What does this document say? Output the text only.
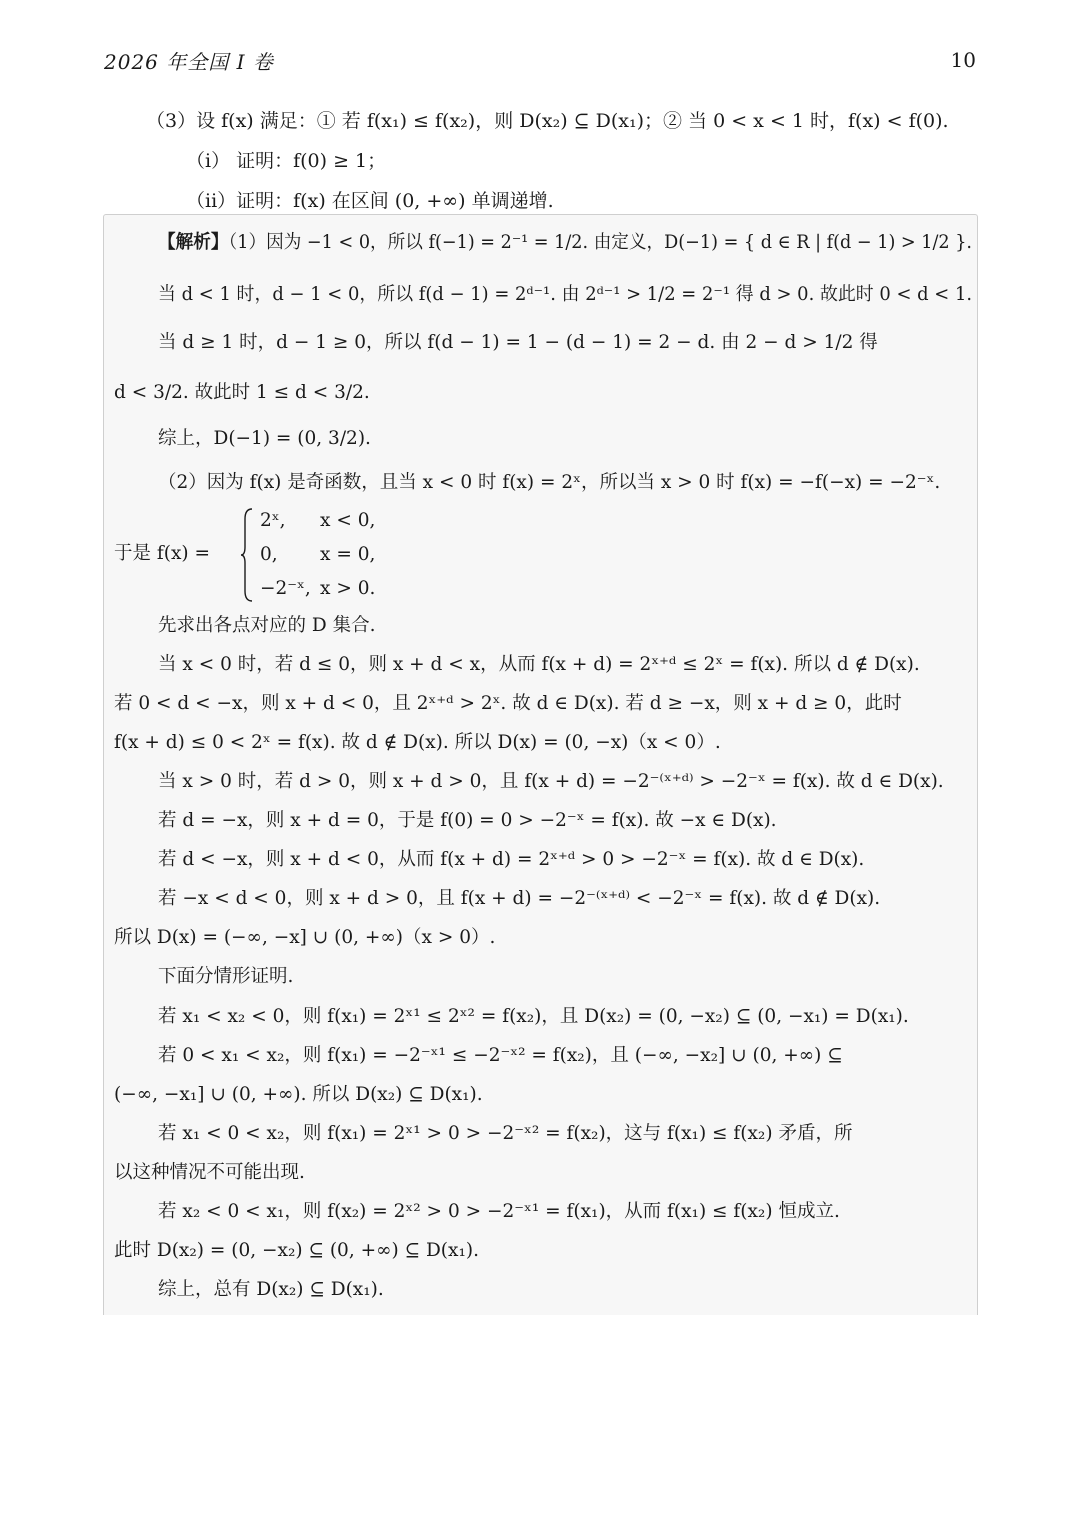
2026 年全国 I 卷	10
（3）设 f(x) 满足：① 若 f(x₁) ≤ f(x₂)，则 D(x₂) ⊆ D(x₁)；② 当 0 < x < 1 时，f(x) < f(0).
（i） 证明：f(0) ≥ 1；
（ii）证明：f(x) 在区间 (0, +∞) 单调递增.
【解析】（1）因为 −1 < 0，所以 f(−1) = 2⁻¹ = 1/2. 由定义，D(−1) = { d ∈ R | f(d − 1) > 1/2 }.
当 d < 1 时，d − 1 < 0，所以 f(d − 1) = 2ᵈ⁻¹. 由 2ᵈ⁻¹ > 1/2 = 2⁻¹ 得 d > 0. 故此时 0 < d < 1.
当 d ≥ 1 时，d − 1 ≥ 0，所以 f(d − 1) = 1 − (d − 1) = 2 − d. 由 2 − d > 1/2 得
d < 3/2. 故此时 1 ≤ d < 3/2.
综上，D(−1) = (0, 3/2).
（2）因为 f(x) 是奇函数，且当 x < 0 时 f(x) = 2ˣ，所以当 x > 0 时 f(x) = −f(−x) = −2⁻ˣ.
于是 f(x) =
2ˣ, x < 0,
0, x = 0,
−2⁻ˣ, x > 0.
先求出各点对应的 D 集合.
当 x < 0 时，若 d ≤ 0，则 x + d < x，从而 f(x + d) = 2ˣ⁺ᵈ ≤ 2ˣ = f(x). 所以 d ∉ D(x).
若 0 < d < −x，则 x + d < 0，且 2ˣ⁺ᵈ > 2ˣ. 故 d ∈ D(x). 若 d ≥ −x，则 x + d ≥ 0，此时
f(x + d) ≤ 0 < 2ˣ = f(x). 故 d ∉ D(x). 所以 D(x) = (0, −x)（x < 0）.
当 x > 0 时，若 d > 0，则 x + d > 0，且 f(x + d) = −2⁻⁽ˣ⁺ᵈ⁾ > −2⁻ˣ = f(x). 故 d ∈ D(x).
若 d = −x，则 x + d = 0，于是 f(0) = 0 > −2⁻ˣ = f(x). 故 −x ∈ D(x).
若 d < −x，则 x + d < 0，从而 f(x + d) = 2ˣ⁺ᵈ > 0 > −2⁻ˣ = f(x). 故 d ∈ D(x).
若 −x < d < 0，则 x + d > 0，且 f(x + d) = −2⁻⁽ˣ⁺ᵈ⁾ < −2⁻ˣ = f(x). 故 d ∉ D(x).
所以 D(x) = (−∞, −x] ∪ (0, +∞)（x > 0）.
下面分情形证明.
若 x₁ < x₂ < 0，则 f(x₁) = 2ˣ¹ ≤ 2ˣ² = f(x₂)，且 D(x₂) = (0, −x₂) ⊆ (0, −x₁) = D(x₁).
若 0 < x₁ < x₂，则 f(x₁) = −2⁻ˣ¹ ≤ −2⁻ˣ² = f(x₂)，且 (−∞, −x₂] ∪ (0, +∞) ⊆
(−∞, −x₁] ∪ (0, +∞). 所以 D(x₂) ⊆ D(x₁).
若 x₁ < 0 < x₂，则 f(x₁) = 2ˣ¹ > 0 > −2⁻ˣ² = f(x₂)，这与 f(x₁) ≤ f(x₂) 矛盾，所
以这种情况不可能出现.
若 x₂ < 0 < x₁，则 f(x₂) = 2ˣ² > 0 > −2⁻ˣ¹ = f(x₁)，从而 f(x₁) ≤ f(x₂) 恒成立.
此时 D(x₂) = (0, −x₂) ⊆ (0, +∞) ⊆ D(x₁).
综上，总有 D(x₂) ⊆ D(x₁).
